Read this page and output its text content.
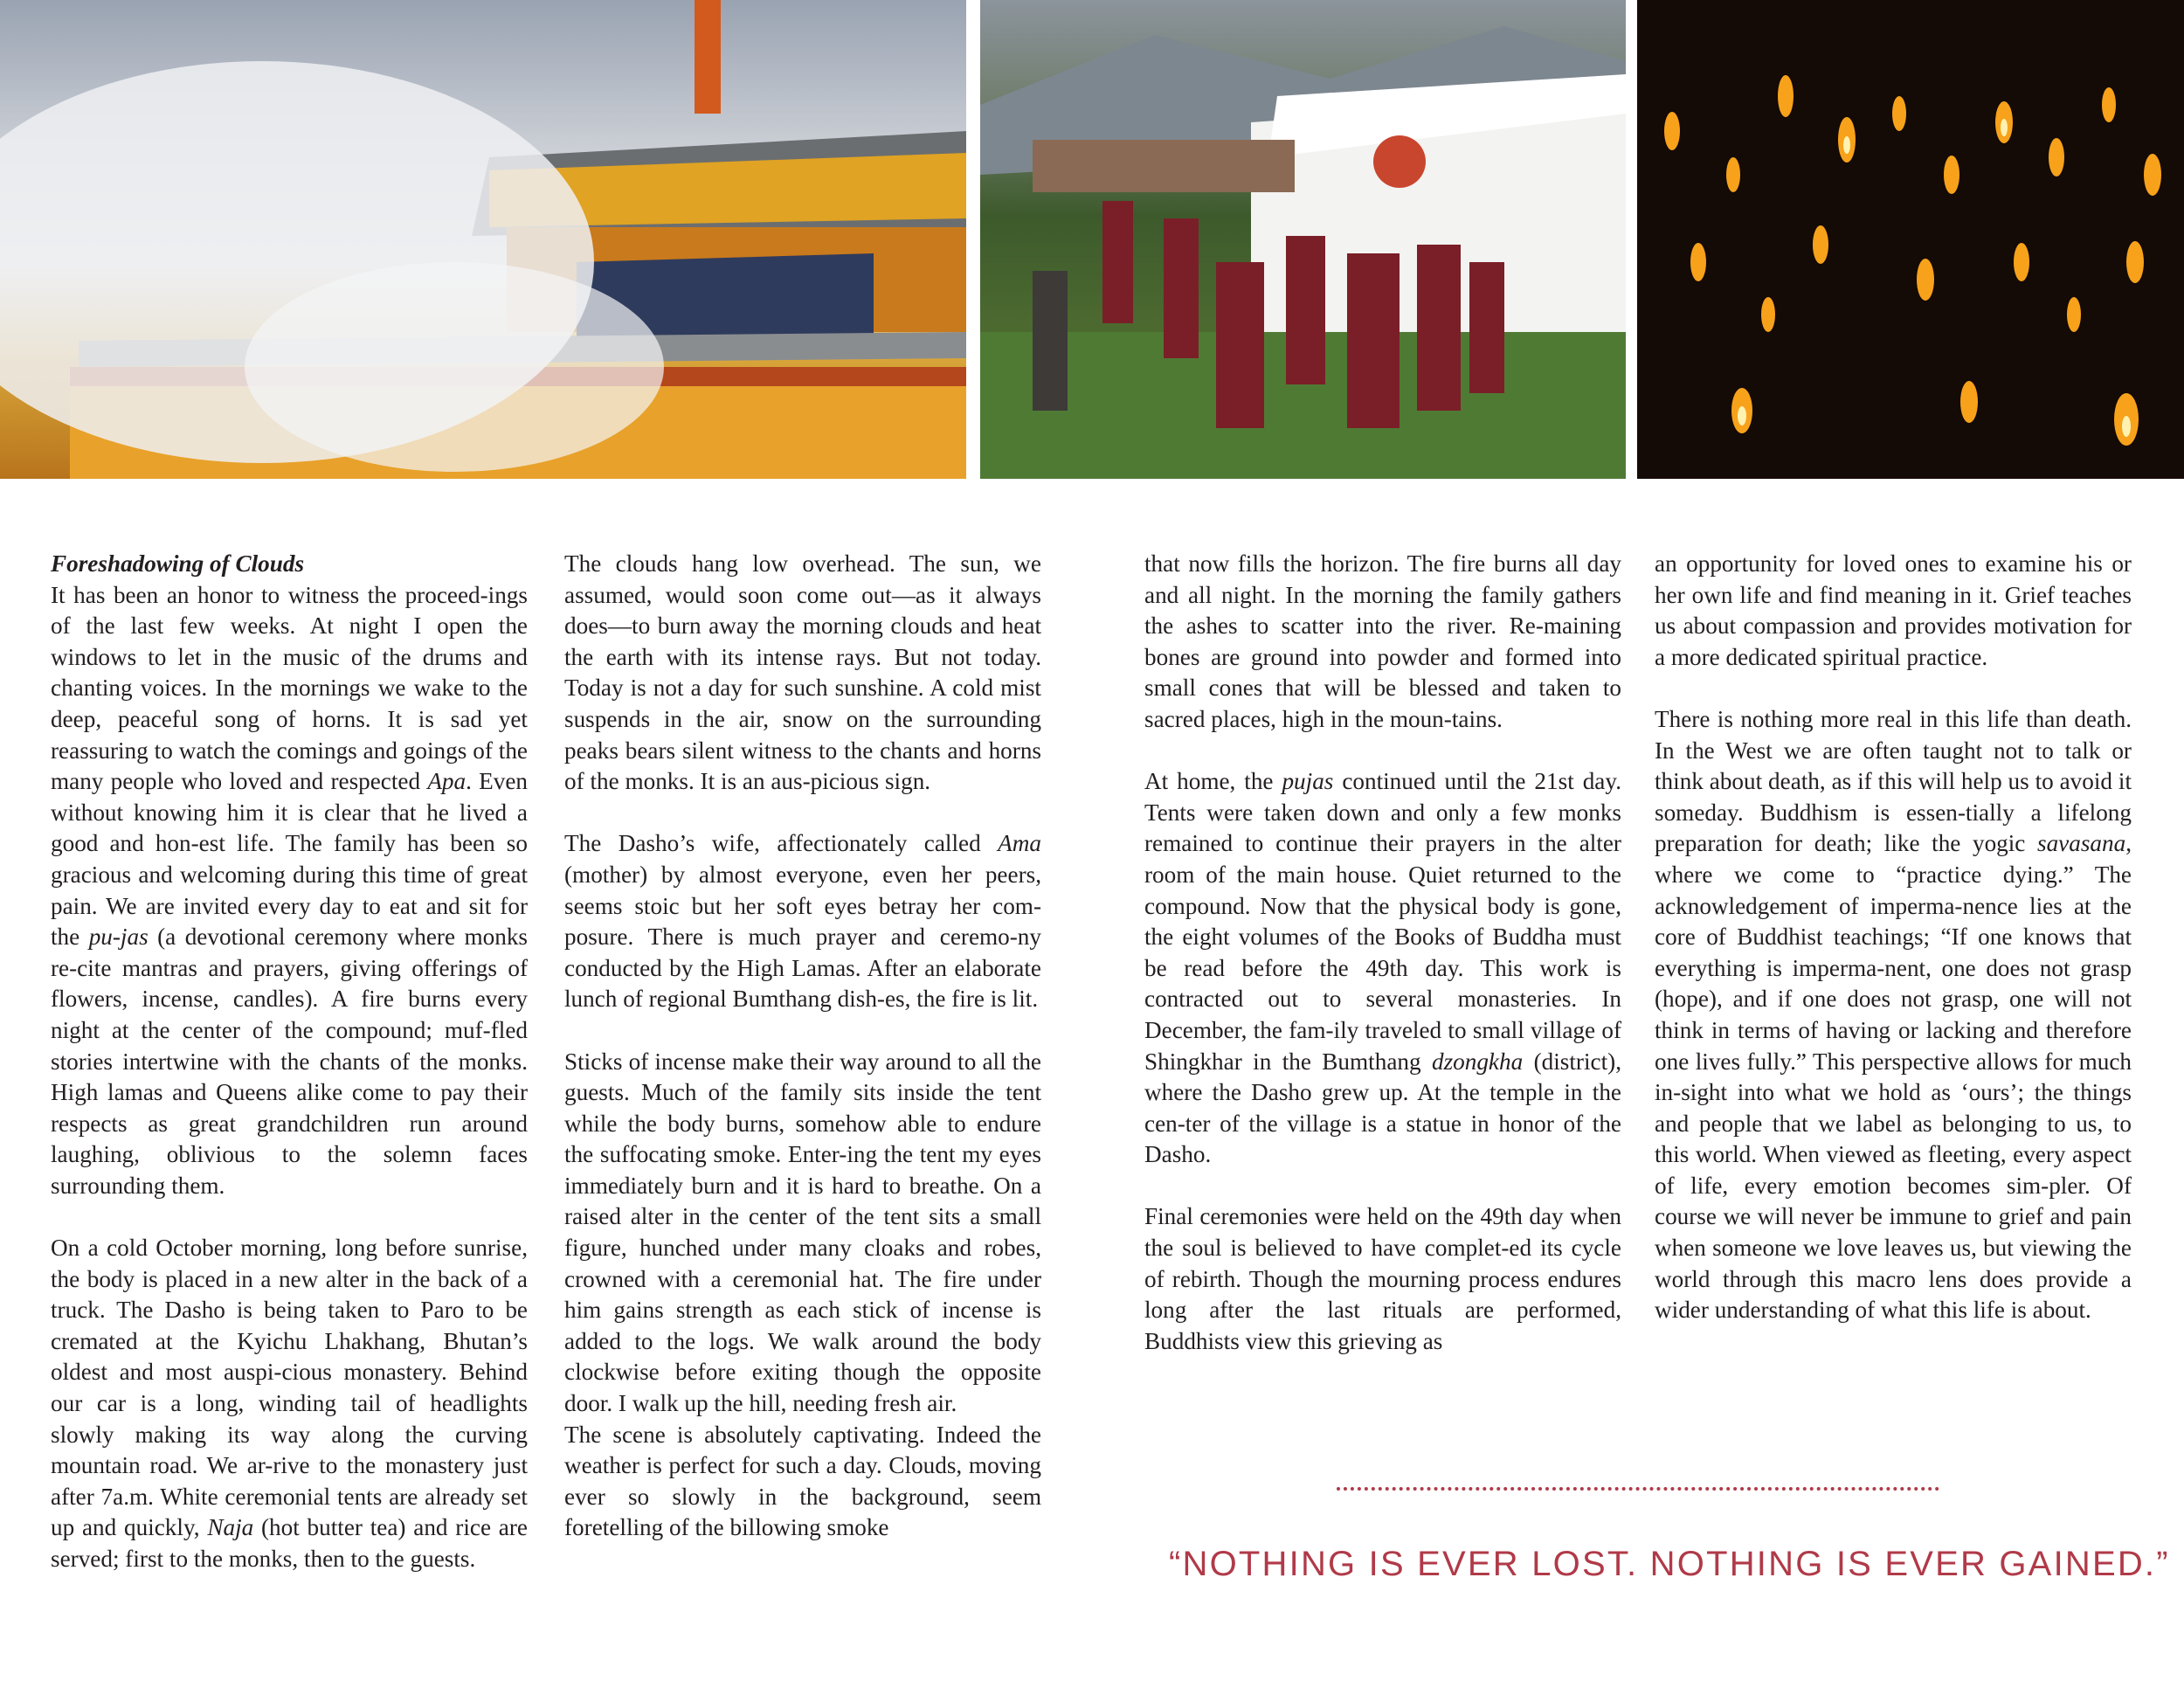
Foreshadowing of Clouds

It has been an honor to witness the proceed-ings of the last few weeks. At night I open the windows to let in the music of the drums and chanting voices. In the mornings we wake to the deep, peaceful song of horns. It is sad yet reassuring to watch the comings and goings of the many people who loved and respected Apa. Even without knowing him it is clear that he lived a good and hon-est life. The family has been so gracious and welcoming during this time of great pain. We are invited every day to eat and sit for the pu-jas (a devotional ceremony where monks re-cite mantras and prayers, giving offerings of flowers, incense, candles). A fire burns every night at the center of the compound; muf-fled stories intertwine with the chants of the monks. High lamas and Queens alike come to pay their respects as great grandchildren run around laughing, oblivious to the solemn faces surrounding them.

On a cold October morning, long before sunrise, the body is placed in a new alter in the back of a truck. The Dasho is being taken to Paro to be cremated at the Kyichu Lhakhang, Bhutan’s oldest and most auspi-cious monastery. Behind our car is a long, winding tail of headlights slowly making its way along the curving mountain road. We ar-rive to the monastery just after 7a.m. White ceremonial tents are already set up and quickly, Naja (hot butter tea) and rice are served; first to the monks, then to the guests.

The clouds hang low overhead. The sun, we assumed, would soon come out—as it always does—to burn away the morning clouds and heat the earth with its intense rays. But not today. Today is not a day for such sunshine. A cold mist suspends in the air, snow on the surrounding peaks bears silent witness to the chants and horns of the monks. It is an aus-picious sign.

The Dasho’s wife, affectionately called Ama (mother) by almost everyone, even her peers, seems stoic but her soft eyes betray her com-posure. There is much prayer and ceremo-ny conducted by the High Lamas. After an elaborate lunch of regional Bumthang dish-es, the fire is lit.

Sticks of incense make their way around to all the guests. Much of the family sits inside the tent while the body burns, somehow able to endure the suffocating smoke. Enter-ing the tent my eyes immediately burn and it is hard to breathe. On a raised alter in the center of the tent sits a small figure, hunched under many cloaks and robes, crowned with a ceremonial hat. The fire under him gains strength as each stick of incense is added to the logs. We walk around the body clockwise before exiting though the opposite door. I walk up the hill, needing fresh air.

The scene is absolutely captivating. Indeed the weather is perfect for such a day. Clouds, moving ever so slowly in the background, seem foretelling of the billowing smoke

that now fills the horizon. The fire burns all day and all night. In the morning the family gathers the ashes to scatter into the river. Re-maining bones are ground into powder and formed into small cones that will be blessed and taken to sacred places, high in the moun-tains.

At home, the pujas continued until the 21st day. Tents were taken down and only a few monks remained to continue their prayers in the alter room of the main house. Quiet returned to the compound. Now that the physical body is gone, the eight volumes of the Books of Buddha must be read before the 49th day. This work is contracted out to several monasteries. In December, the fam-ily traveled to small village of Shingkhar in the Bumthang dzongkha (district), where the Dasho grew up. At the temple in the cen-ter of the village is a statue in honor of the Dasho.

Final ceremonies were held on the 49th day when the soul is believed to have complet-ed its cycle of rebirth. Though the mourning process endures long after the last rituals are performed, Buddhists view this grieving as

an opportunity for loved ones to examine his or her own life and find meaning in it. Grief teaches us about compassion and provides motivation for a more dedicated spiritual practice.

There is nothing more real in this life than death. In the West we are often taught not to talk or think about death, as if this will help us to avoid it someday. Buddhism is essen-tially a lifelong preparation for death; like the yogic savasana, where we come to “practice dying.” The acknowledgement of imperma-nence lies at the core of Buddhist teachings; “If one knows that everything is imperma-nent, one does not grasp (hope), and if one does not grasp, one will not think in terms of having or lacking and therefore one lives fully.” This perspective allows for much in-sight into what we hold as ‘ours’; the things and people that we label as belonging to us, to this world. When viewed as fleeting, every aspect of life, every emotion becomes sim-pler. Of course we will never be immune to grief and pain when someone we love leaves us, but viewing the world through this macro lens does provide a wider understanding of what this life is about.

“NOTHING IS EVER LOST. NOTHING IS EVER GAINED.”
